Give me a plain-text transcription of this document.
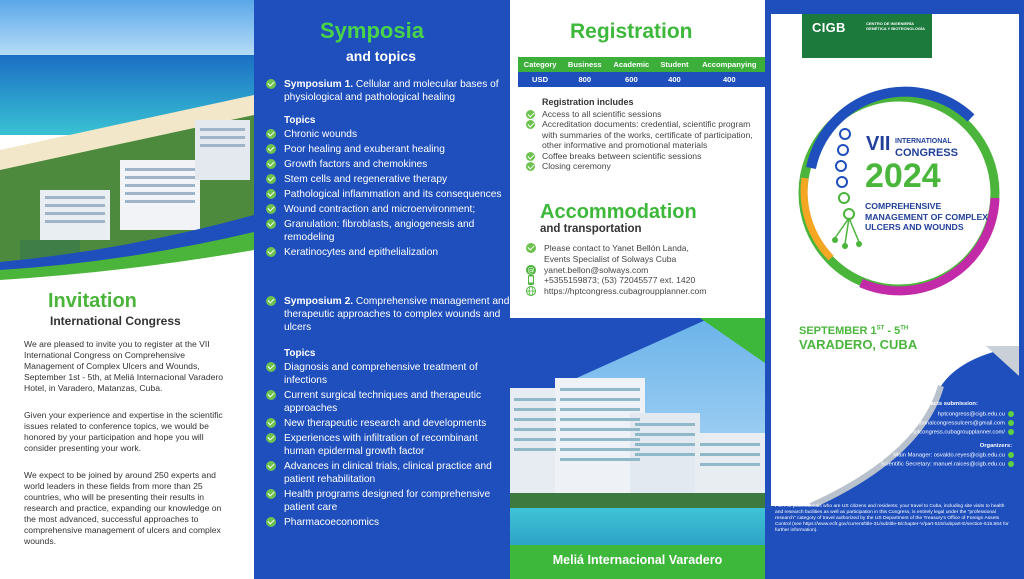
Invitation
International Congress
We are pleased to invite you to register at the VII International Congress on Comprehensive Management of Complex Ulcers and Wounds, September 1st - 5th, at Meliá Internacional Varadero Hotel, in Varadero, Matanzas, Cuba.
Given your experience and expertise in the scientific issues related to conference topics, we would be honored by your participation and hope you will consider presenting your work.
We expect to be joined by around 250 experts and world leaders in these fields from more than 25 countries, who will be presenting their results in research and practice, expanding our knowledge on the most advanced, successful approaches to comprehensive management of ulcers and complex wounds.
Symposia
and topics
Symposium 1. Cellular and molecular bases of physiological and pathological healing
Topics
Chronic wounds
Poor healing and exuberant healing
Growth factors and chemokines
Stem cells and regenerative therapy
Pathological inflammation and its consequences
Wound contraction and microenvironment;
Granulation: fibroblasts, angiogenesis and remodeling
Keratinocytes and epithelialization
Symposium 2. Comprehensive management and therapeutic approaches to complex wounds and ulcers
Topics
Diagnosis and comprehensive treatment of infections
Current surgical techniques and therapeutic approaches
New therapeutic research and developments
Experiences with infiltration of recombinant human epidermal growth factor
Advances in clinical trials, clinical practice and patient rehabilitation
Health programs designed for comprehensive patient care
Pharmacoeconomics
Registration
Category	Business	Academic	Student	Accompanying
USD	800	600	400	400
Registration includes
Access to all scientific sessions
Accreditation documents: credential, scientific program with summaries of the works, certificate of participation, other informative and promotional materials
Coffee breaks between scientific sessions
Closing ceremony
Accommodation
and transportation
Please contact to Yanet Bellón Landa,
Events Specialist of Solways Cuba
@ yanet.bellon@solways.com
+5355159873; (53) 72045577 ext. 1420
https://hptcongress.cubagroupplanner.com
Meliá Internacional Varadero
CIGB	CENTRO DE INGENIERÍA GENÉTICA Y BIOTECNOLOGÍA
VII INTERNATIONAL
CONGRESS
2024
COMPREHENSIVE MANAGEMENT OF COMPLEX ULCERS AND WOUNDS
SEPTEMBER 1ST - 5TH
VARADERO, CUBA
Registration and abstracts submission:
hptcongress@cigb.edu.cu
internationalcongressulcers@gmail.com
https://hptcongress.cubagroupplanner.com/
Organizers:
Main Manager: osvaldo.reyes@cigb.edu.cu
Scientific Secretary: manuel.raices@cigb.edu.cu
PS: For professionals who are US citizens and residents: your travel to Cuba, including site visits to health and research facilities as well as participation in this Congress, is entirely legal under the "professional research" category of travel authorized by the US Department of the Treasury's Office of Foreign Assets Control (see https://www.ecfr.gov/current/title-31/subtitle-B/chapter-V/part-515/subpart-E/section-515.564 for further information).
